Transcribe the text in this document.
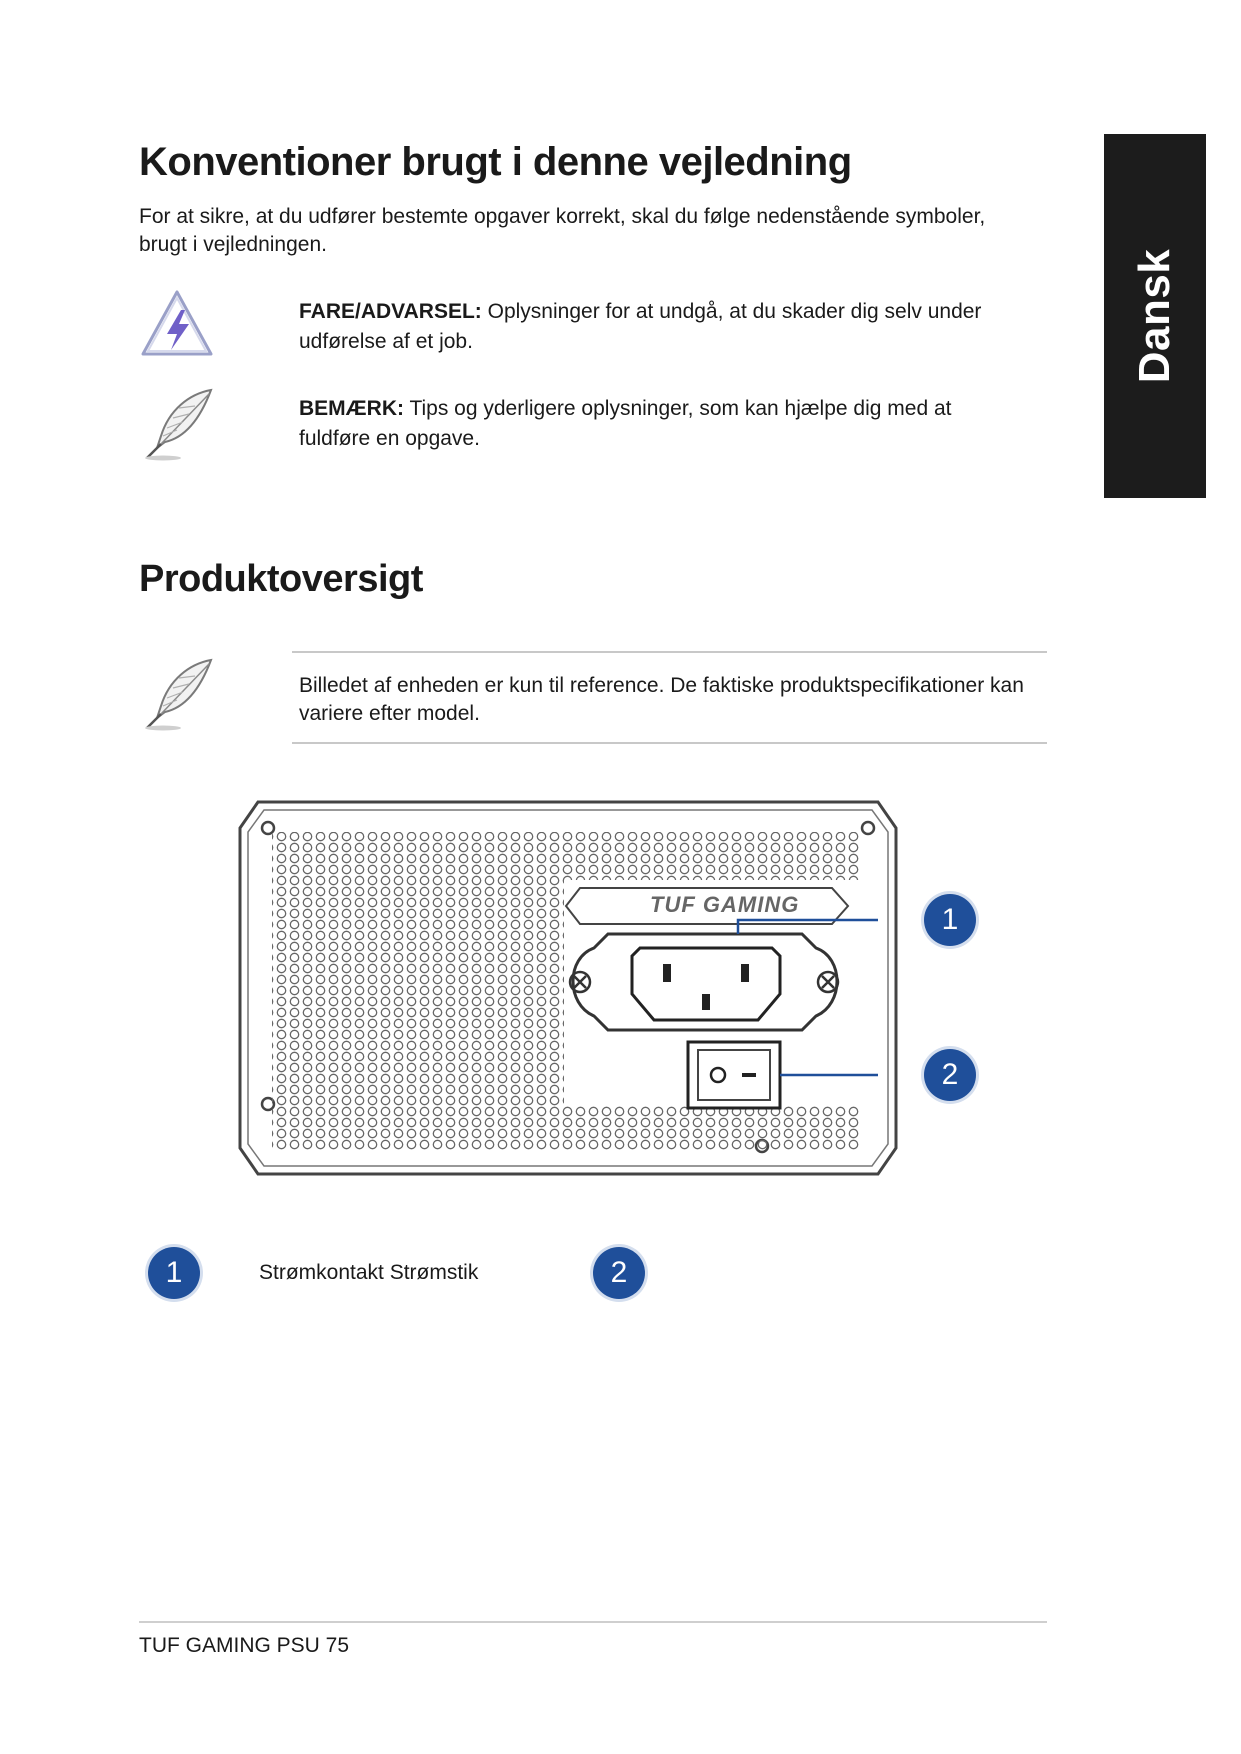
Dansk
Konventioner brugt i denne vejledning
For at sikre, at du udfører bestemte opgaver korrekt, skal du følge nedenstående symboler,
brugt i vejledningen.
FARE/ADVARSEL: Oplysninger for at undgå, at du skader dig selv under
udførelse af et job.
BEMÆRK: Tips og yderligere oplysninger, som kan hjælpe dig med at
fuldføre en opgave.
Produktoversigt
Billedet af enheden er kun til reference. De faktiske produktspecifikationer kan
variere efter model.
TUF GAMING	1
2
1	Strømkontakt Strømstik	2
TUF GAMING PSU 75
